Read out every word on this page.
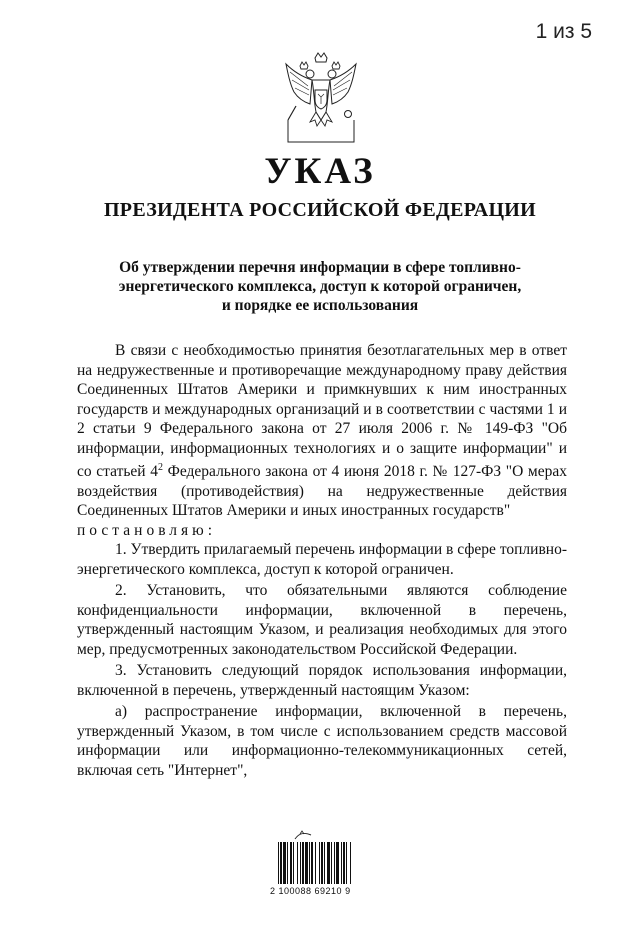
1 из 5
УКАЗ
ПРЕЗИДЕНТА РОССИЙСКОЙ ФЕДЕРАЦИИ
Об утверждении перечня информации в сфере топливно-
энергетического комплекса, доступ к которой ограничен,
и порядке ее использования

В связи с необходимостью принятия безотлагательных мер в ответ на недружественные и противоречащие международному праву действия Соединенных Штатов Америки и примкнувших к ним иностранных государств и международных организаций и в соответствии с частями 1 и 2 статьи 9 Федерального закона от 27 июля 2006 г. № 149-ФЗ "Об информации, информационных технологиях и о защите информации" и со статьей $4^2$ Федерального закона от 4 июня 2018 г. № 127-ФЗ "О мерах воздействия (противодействия) на недружественные действия Соединенных Штатов Америки и иных иностранных государств"

постановляю:

1. Утвердить прилагаемый перечень информации в сфере топливно-энергетического комплекса, доступ к которой ограничен.

2. Установить, что обязательными являются соблюдение конфиденциальности информации, включенной в перечень, утвержденный настоящим Указом, и реализация необходимых для этого мер, предусмотренных законодательством Российской Федерации.

3. Установить следующий порядок использования информации, включенной в перечень, утвержденный настоящим Указом:

а) распространение информации, включенной в перечень, утвержденный Указом, в том числе с использованием средств массовой информации или информационно-телекоммуникационных сетей, включая сеть "Интернет",

2 100088 69210 9
